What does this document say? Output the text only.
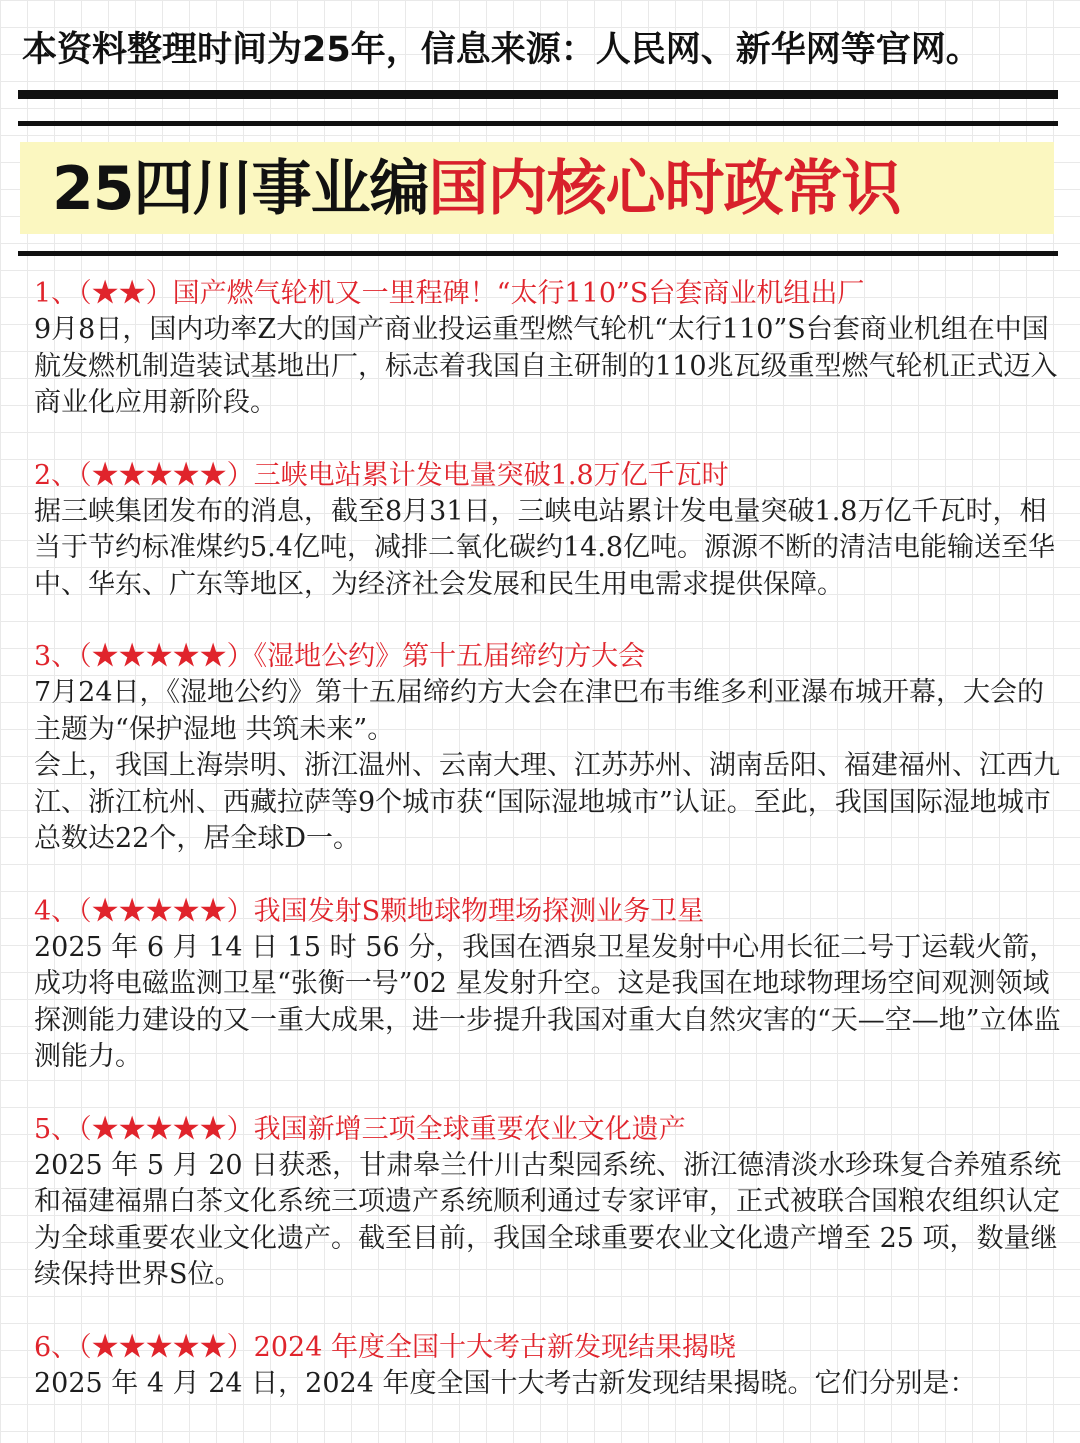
本资料整理时间为25年，信息来源：人民网、新华网等官网。
25四川事业编国内核心时政常识
1、（★★）国产燃气轮机又一里程碑！“太行110”S台套商业机组出厂

9月8日，国内功率Z大的国产商业投运重型燃气轮机“太行110”S台套商业机组在中国航发燃机制造装试基地出厂，标志着我国自主研制的110兆瓦级重型燃气轮机正式迈入商业化应用新阶段。

2、（★★★★★）三峡电站累计发电量突破1.8万亿千瓦时

据三峡集团发布的消息，截至8月31日，三峡电站累计发电量突破1.8万亿千瓦时，相当于节约标准煤约5.4亿吨，减排二氧化碳约14.8亿吨。源源不断的清洁电能输送至华中、华东、广东等地区，为经济社会发展和民生用电需求提供保障。

3、（★★★★★）《湿地公约》第十五届缔约方大会

7月24日，《湿地公约》第十五届缔约方大会在津巴布韦维多利亚瀑布城开幕，大会的主题为“保护湿地 共筑未来”。

会上，我国上海崇明、浙江温州、云南大理、江苏苏州、湖南岳阳、福建福州、江西九江、浙江杭州、西藏拉萨等9个城市获“国际湿地城市”认证。至此，我国国际湿地城市总数达22个，居全球D一。

4、（★★★★★）我国发射S颗地球物理场探测业务卫星

2025 年 6 月 14 日 15 时 56 分，我国在酒泉卫星发射中心用长征二号丁运载火箭，成功将电磁监测卫星“张衡一号”02 星发射升空。这是我国在地球物理场空间观测领域探测能力建设的又一重大成果，进一步提升我国对重大自然灾害的“天—空—地”立体监测能力。

5、（★★★★★）我国新增三项全球重要农业文化遗产

2025 年 5 月 20 日获悉，甘肃皋兰什川古梨园系统、浙江德清淡水珍珠复合养殖系统和福建福鼎白茶文化系统三项遗产系统顺利通过专家评审，正式被联合国粮农组织认定为全球重要农业文化遗产。截至目前，我国全球重要农业文化遗产增至 25 项，数量继续保持世界S位。

6、（★★★★★）2024 年度全国十大考古新发现结果揭晓

2025 年 4 月 24 日，2024 年度全国十大考古新发现结果揭晓。它们分别是：
